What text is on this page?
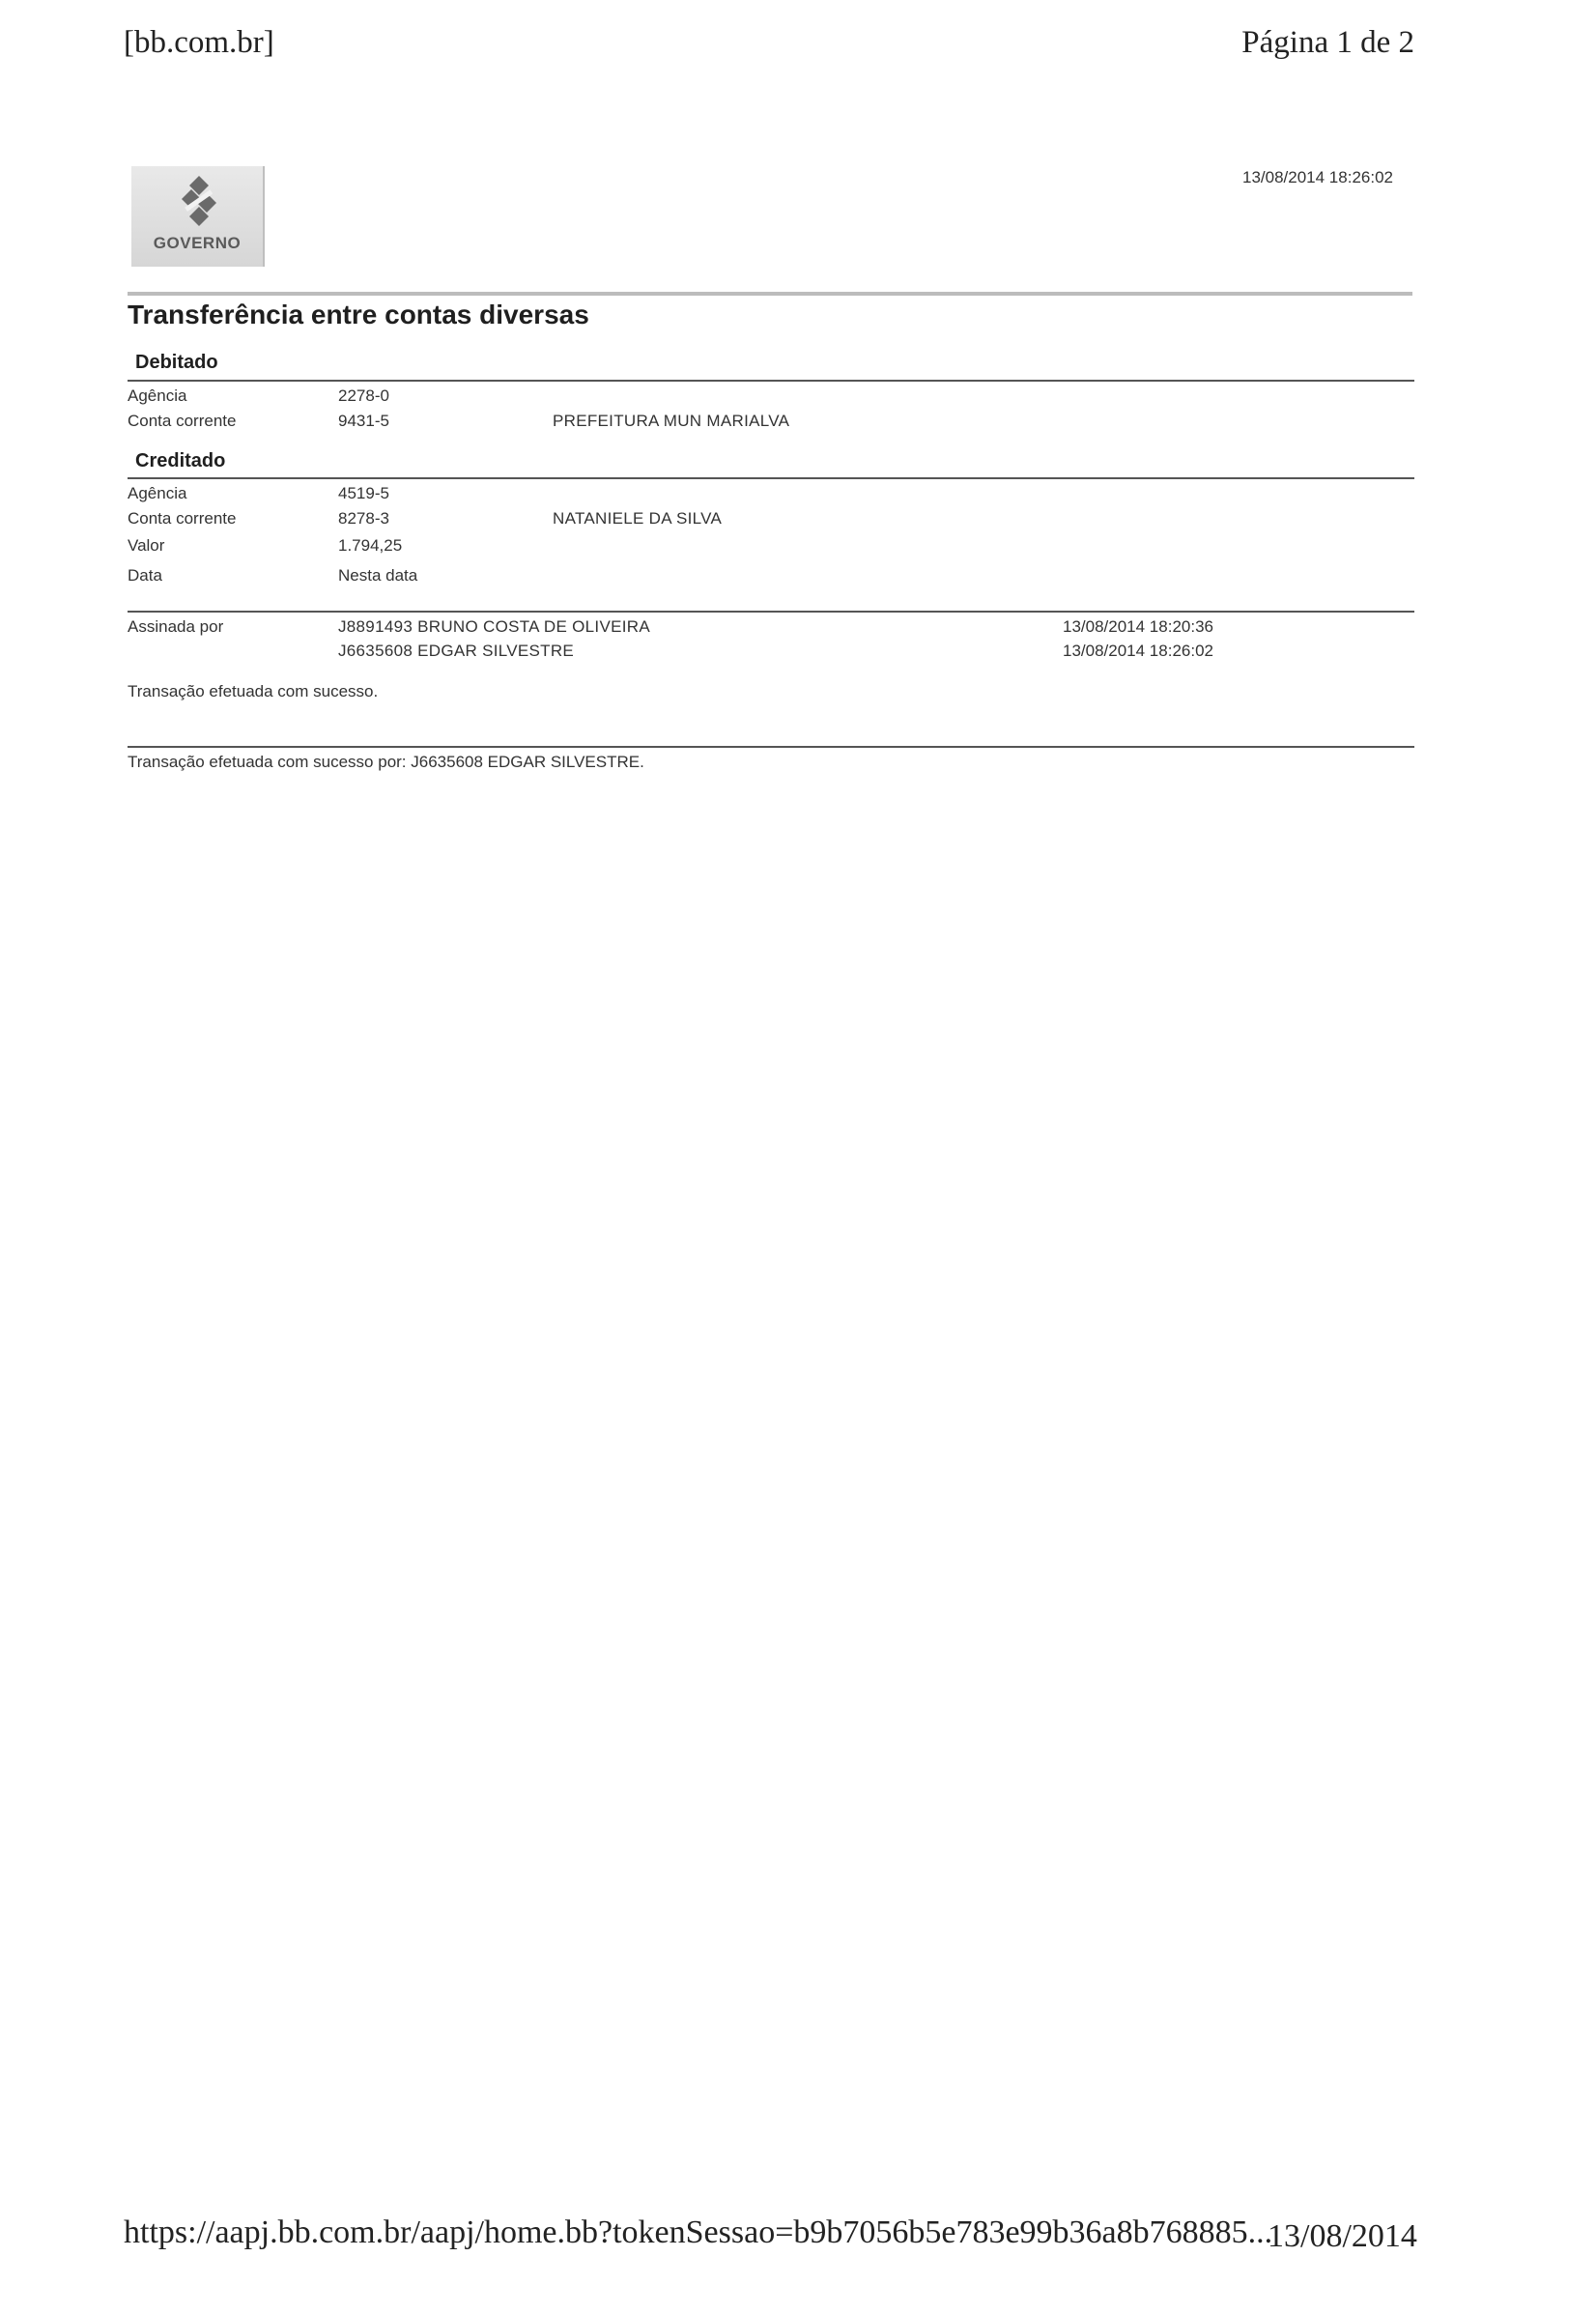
[bb.com.br]	Página 1 de 2
GOVERNO
13/08/2014 18:26:02
Transferência entre contas diversas
Debitado
Agência	2278-0
Conta corrente	9431-5	PREFEITURA MUN MARIALVA
Creditado
Agência	4519-5
Conta corrente	8278-3	NATANIELE DA SILVA
Valor	1.794,25
Data	Nesta data
Assinada por	J8891493 BRUNO COSTA DE OLIVEIRA	13/08/2014 18:20:36
J6635608 EDGAR SILVESTRE	13/08/2014 18:26:02
Transação efetuada com sucesso.
Transação efetuada com sucesso por: J6635608 EDGAR SILVESTRE.
https://aapj.bb.com.br/aapj/home.bb?tokenSessao=b9b7056b5e783e99b36a8b768885...
13/08/2014
